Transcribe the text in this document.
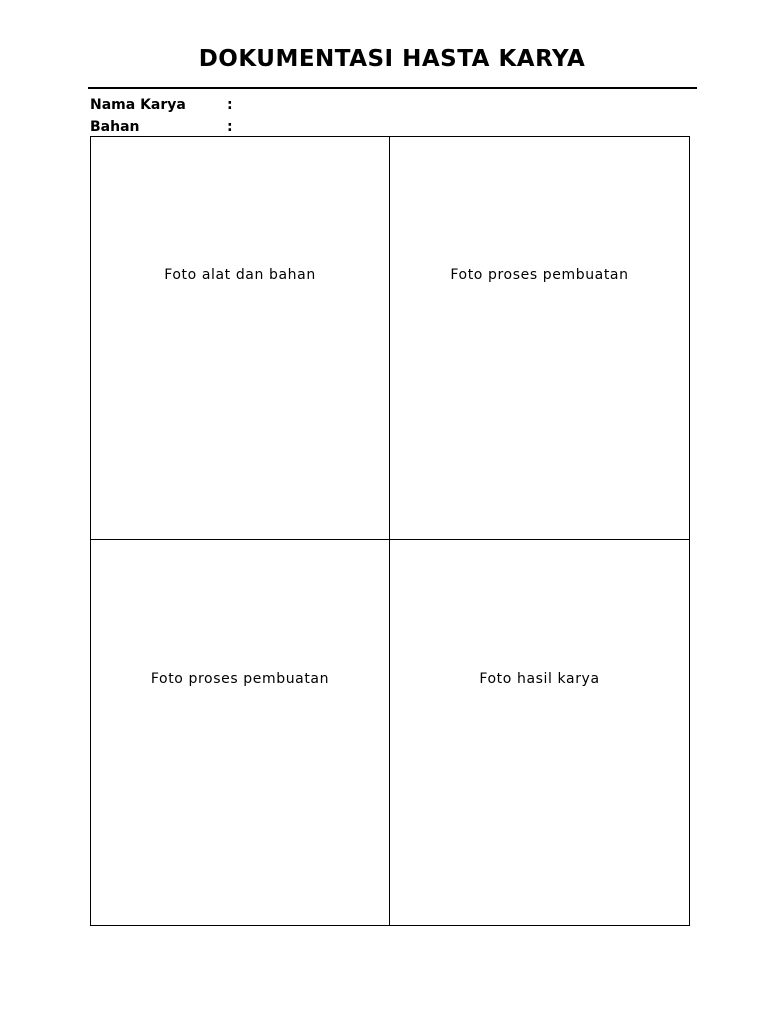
DOKUMENTASI HASTA KARYA
Nama Karya	:
Bahan	:
Foto alat dan bahan	Foto proses pembuatan
Foto proses pembuatan	Foto hasil karya
